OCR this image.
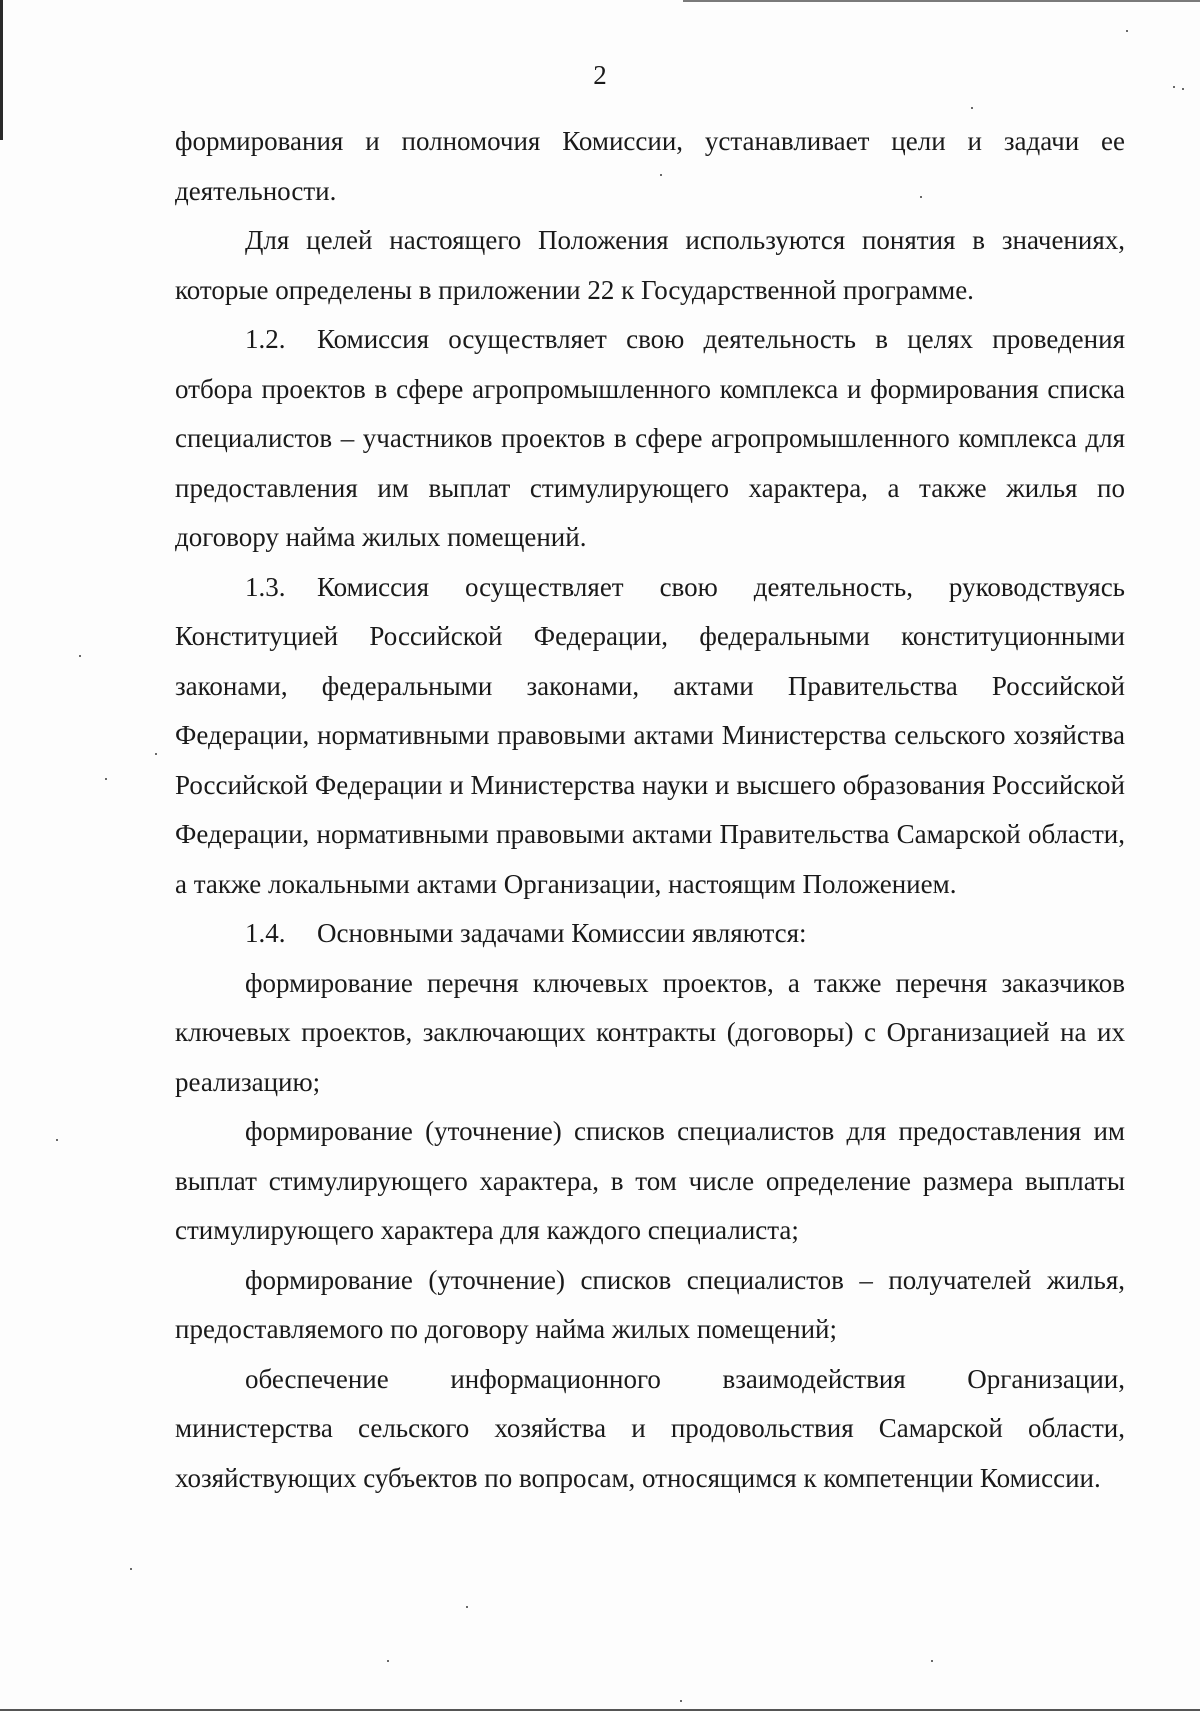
2

формирования и полномочия Комиссии, устанавливает цели и задачи ее деятельности.

Для целей настоящего Положения используются понятия в значениях, которые определены в приложении 22 к Государственной программе.

1.2. Комиссия осуществляет свою деятельность в целях проведения отбора проектов в сфере агропромышленного комплекса и формирования списка специалистов – участников проектов в сфере агропромышленного комплекса для предоставления им выплат стимулирующего характера, а также жилья по договору найма жилых помещений.

1.3. Комиссия осуществляет свою деятельность, руководствуясь Конституцией Российской Федерации, федеральными конституционными законами, федеральными законами, актами Правительства Российской Федерации, нормативными правовыми актами Министерства сельского хозяйства Российской Федерации и Министерства науки и высшего образования Российской Федерации, нормативными правовыми актами Правительства Самарской области, а также локальными актами Организации, настоящим Положением.

1.4. Основными задачами Комиссии являются:

формирование перечня ключевых проектов, а также перечня заказчиков ключевых проектов, заключающих контракты (договоры) с Организацией на их реализацию;

формирование (уточнение) списков специалистов для предоставления им выплат стимулирующего характера, в том числе определение размера выплаты стимулирующего характера для каждого специалиста;

формирование (уточнение) списков специалистов – получателей жилья, предоставляемого по договору найма жилых помещений;

обеспечение информационного взаимодействия Организации, министерства сельского хозяйства и продовольствия Самарской области, хозяйствующих субъектов по вопросам, относящимся к компетенции Комиссии.
